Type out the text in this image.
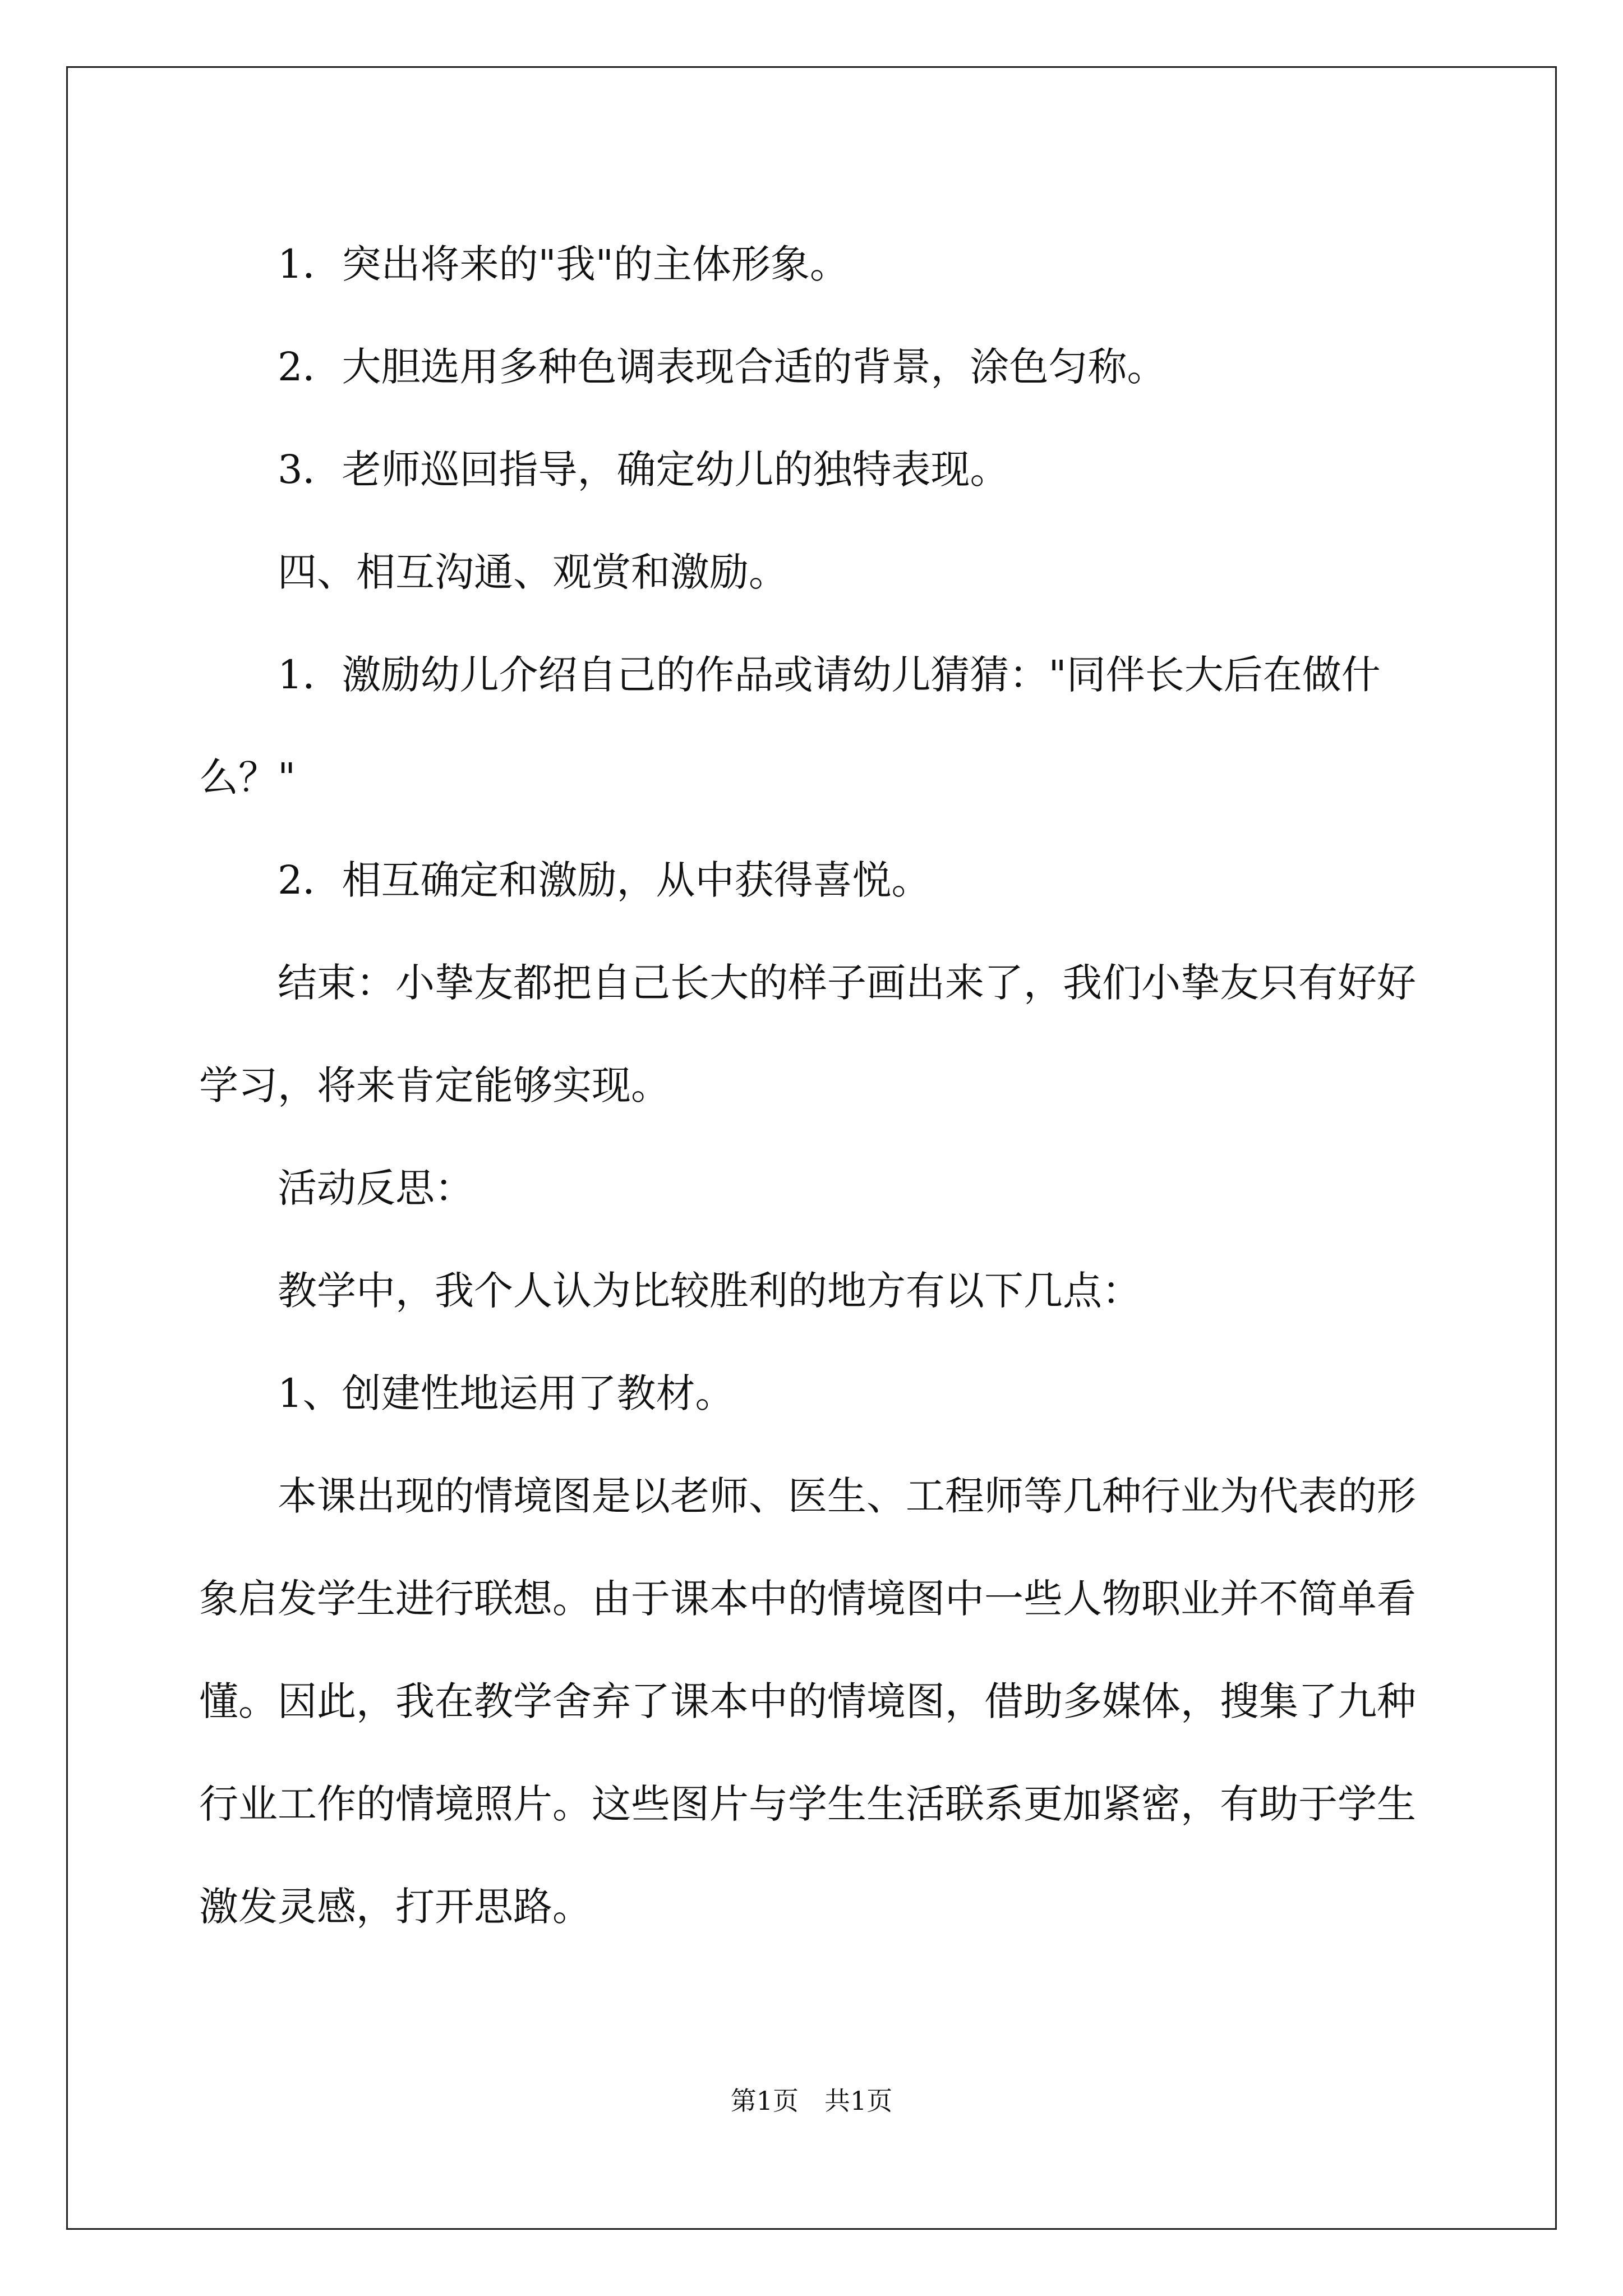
1．突出将来的"我"的主体形象。

2．大胆选用多种色调表现合适的背景，涂色匀称。

3．老师巡回指导，确定幼儿的独特表现。

四、相互沟通、观赏和激励。

1．激励幼儿介绍自己的作品或请幼儿猜猜："同伴长大后在做什么？"

2．相互确定和激励，从中获得喜悦。

结束：小挚友都把自己长大的样子画出来了，我们小挚友只有好好学习，将来肯定能够实现。

活动反思：

教学中，我个人认为比较胜利的地方有以下几点：

1、创建性地运用了教材。

本课出现的情境图是以老师、医生、工程师等几种行业为代表的形象启发学生进行联想。由于课本中的情境图中一些人物职业并不简单看懂。因此，我在教学舍弃了课本中的情境图，借助多媒体，搜集了九种行业工作的情境照片。这些图片与学生生活联系更加紧密，有助于学生激发灵感，打开思路。

第1页　共1页
